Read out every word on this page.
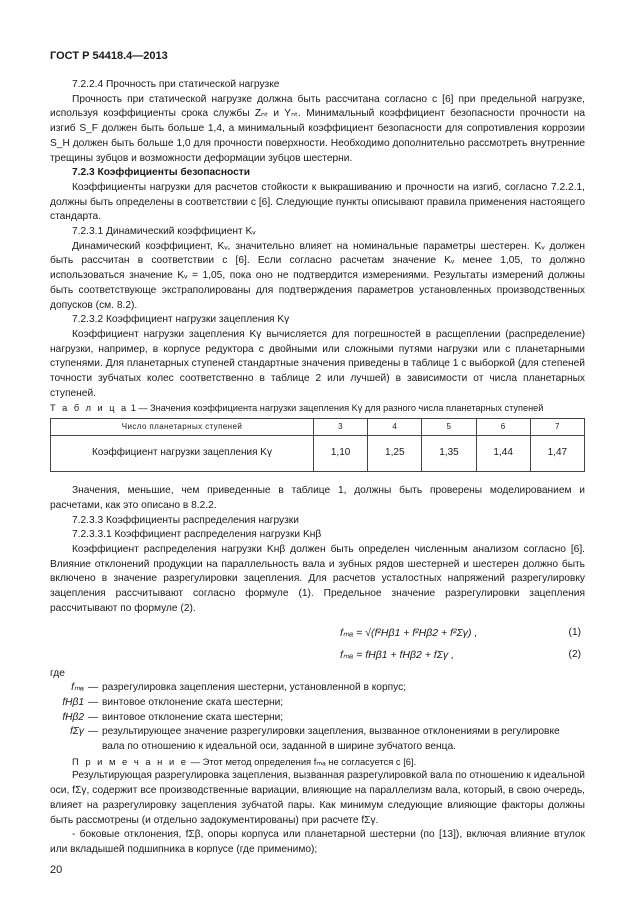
ГОСТ Р 54418.4—2013

7.2.2.4 Прочность при статической нагрузке

Прочность при статической нагрузке должна быть рассчитана согласно с [6] при предельной нагрузке, используя коэффициенты срока службы Zₙₜ и Yₙₜ. Минимальный коэффициент безопасности прочности на изгиб S_F должен быть больше 1,4, а минимальный коэффициент безопасности для сопротивления коррозии S_H должен быть больше 1,0 для прочности поверхности. Необходимо дополнительно рассмотреть внутренние трещины зубцов и возможности деформации зубцов шестерни.

7.2.3 Коэффициенты безопасности

Коэффициенты нагрузки для расчетов стойкости к выкрашиванию и прочности на изгиб, согласно 7.2.2.1, должны быть определены в соответствии с [6]. Следующие пункты описывают правила применения настоящего стандарта.

7.2.3.1 Динамический коэффициент Kᵥ

Динамический коэффициент, Kᵥ, значительно влияет на номинальные параметры шестерен. Kᵥ должен быть рассчитан в соответствии с [6]. Если согласно расчетам значение Kᵥ менее 1,05, то должно использоваться значение Kᵥ = 1,05, пока оно не подтвердится измерениями. Результаты измерений должны быть соответствующе экстраполированы для подтверждения параметров установленных производственных допусков (см. 8.2).

7.2.3.2 Коэффициент нагрузки зацепления Kγ

Коэффициент нагрузки зацепления Kγ вычисляется для погрешностей в расщеплении (распределение) нагрузки, например, в корпусе редуктора с двойными или сложными путями нагрузки или с планетарными ступенями. Для планетарных ступеней стандартные значения приведены в таблице 1 с выборкой (для степеней точности зубчатых колес соответственно в таблице 2 или лучшей) в зависимости от числа планетарных ступеней.

Т а б л и ц а 1 — Значения коэффициента нагрузки зацепления Kγ для разного числа планетарных ступеней

Число планетарных ступеней	3	4	5	6	7
Коэффициент нагрузки зацепления Kγ	1,10	1,25	1,35	1,44	1,47

Значения, меньшие, чем приведенные в таблице 1, должны быть проверены моделированием и расчетами, как это описано в 8.2.2.

7.2.3.3 Коэффициенты распределения нагрузки

7.2.3.3.1 Коэффициент распределения нагрузки Kʜβ

Коэффициент распределения нагрузки Kʜβ должен быть определен численным анализом согласно [6]. Влияние отклонений продукции на параллельность вала и зубных рядов шестерней и шестерен должно быть включено в значение разрегулировки зацепления. Для расчетов усталостных напряжений разрегулировку зацепления рассчитывают согласно формуле (1). Предельное значение разрегулировки зацепления рассчитывают по формуле (2).

fₘₐ = √(f²Hβ1 + f²Hβ2 + f²Σγ) ,	(1)
fₘₐ = fHβ1 + fHβ2 + fΣγ ,	(2)
где
fₘₐ — разрегулировка зацепления шестерни, установленной в корпус;
fHβ1 — винтовое отклонение ската шестерни;
fHβ2 — винтовое отклонение ската шестерни;
fΣγ — результирующее значение разрегулировки зацепления, вызванное отклонениями в регулировке вала по отношению к идеальной оси, заданной в ширине зубчатого венца.

П р и м е ч а н и е — Этот метод определения fₘₐ не согласуется с [6].

Результирующая разрегулировка зацепления, вызванная разрегулировкой вала по отношению к идеальной оси, fΣγ, содержит все производственные вариации, влияющие на параллелизм вала, который, в свою очередь, влияет на разрегулировку зацепления зубчатой пары. Как минимум следующие влияющие факторы должны быть рассмотрены (и отдельно задокументированы) при расчете fΣγ.

- боковые отклонения, fΣβ, опоры корпуса или планетарной шестерни (по [13]), включая влияние втулок или вкладышей подшипника в корпусе (где применимо);

20
